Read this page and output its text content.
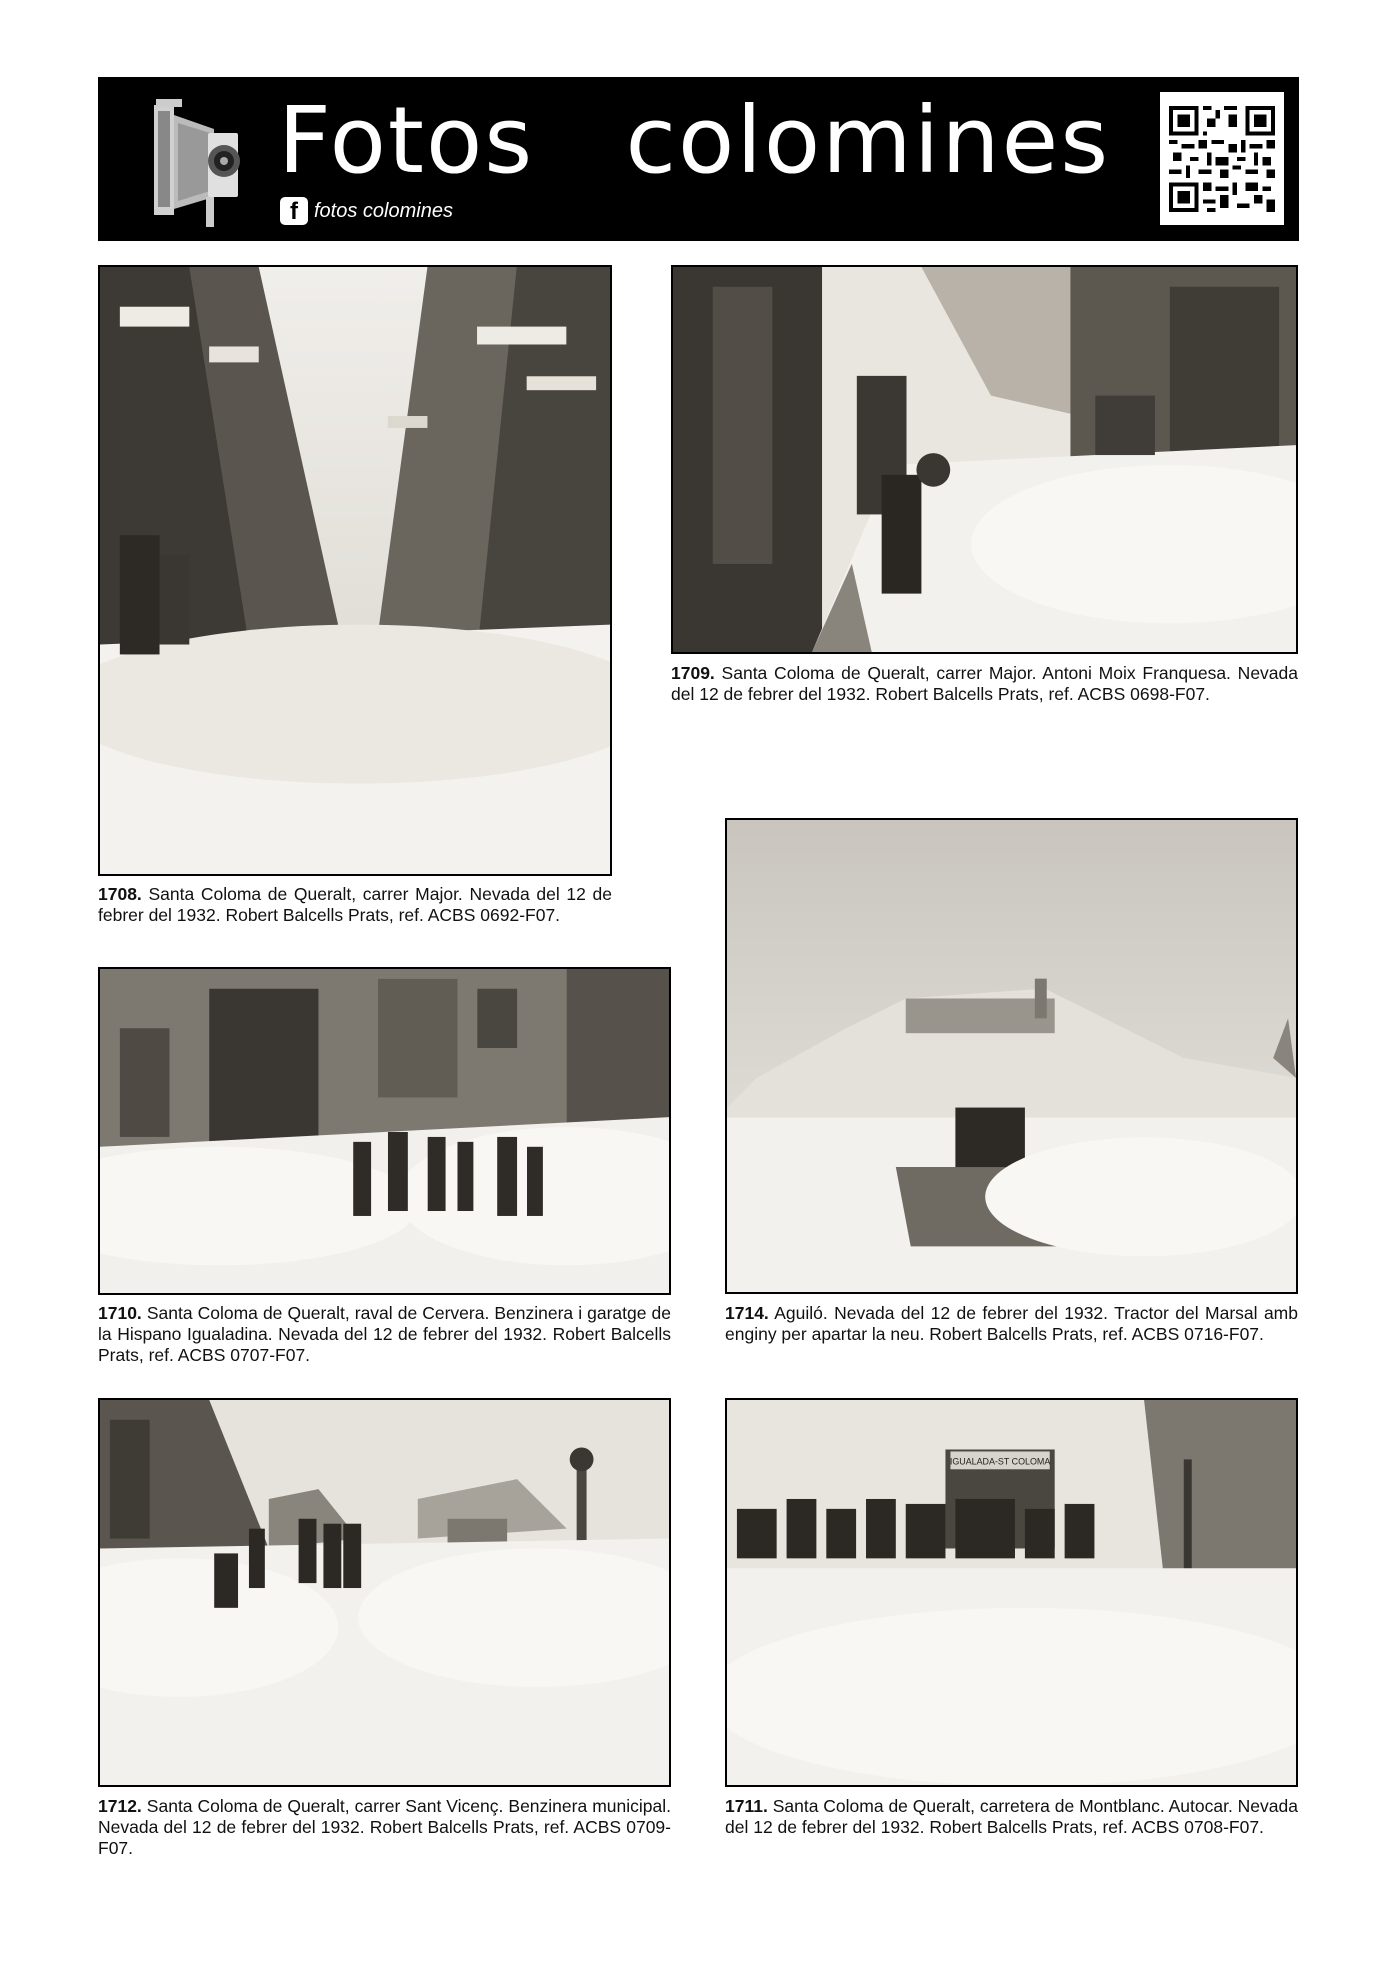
Fotos colomines
f fotos colomines
1708. Santa Coloma de Queralt, carrer Major. Nevada del 12 de febrer del 1932. Robert Balcells Prats, ref. ACBS 0692-F07.
1709. Santa Coloma de Queralt, carrer Major. Antoni Moix Franquesa. Nevada del 12 de febrer del 1932. Robert Balcells Prats, ref. ACBS 0698-F07.
1710. Santa Coloma de Queralt, raval de Cervera. Benzinera i garatge de la Hispano Igualadina. Nevada del 12 de febrer del 1932. Robert Balcells Prats, ref. ACBS 0707-F07.
1714. Aguiló. Nevada del 12 de febrer del 1932. Tractor del Marsal amb enginy per apartar la neu. Robert Balcells Prats, ref. ACBS 0716-F07.
1712. Santa Coloma de Queralt, carrer Sant Vicenç. Benzinera municipal. Nevada del 12 de febrer del 1932. Robert Balcells Prats, ref. ACBS 0709-F07.
IGUALADA-ST COLOMA
1711. Santa Coloma de Queralt, carretera de Montblanc. Autocar. Nevada del 12 de febrer del 1932. Robert Balcells Prats, ref. ACBS 0708-F07.
